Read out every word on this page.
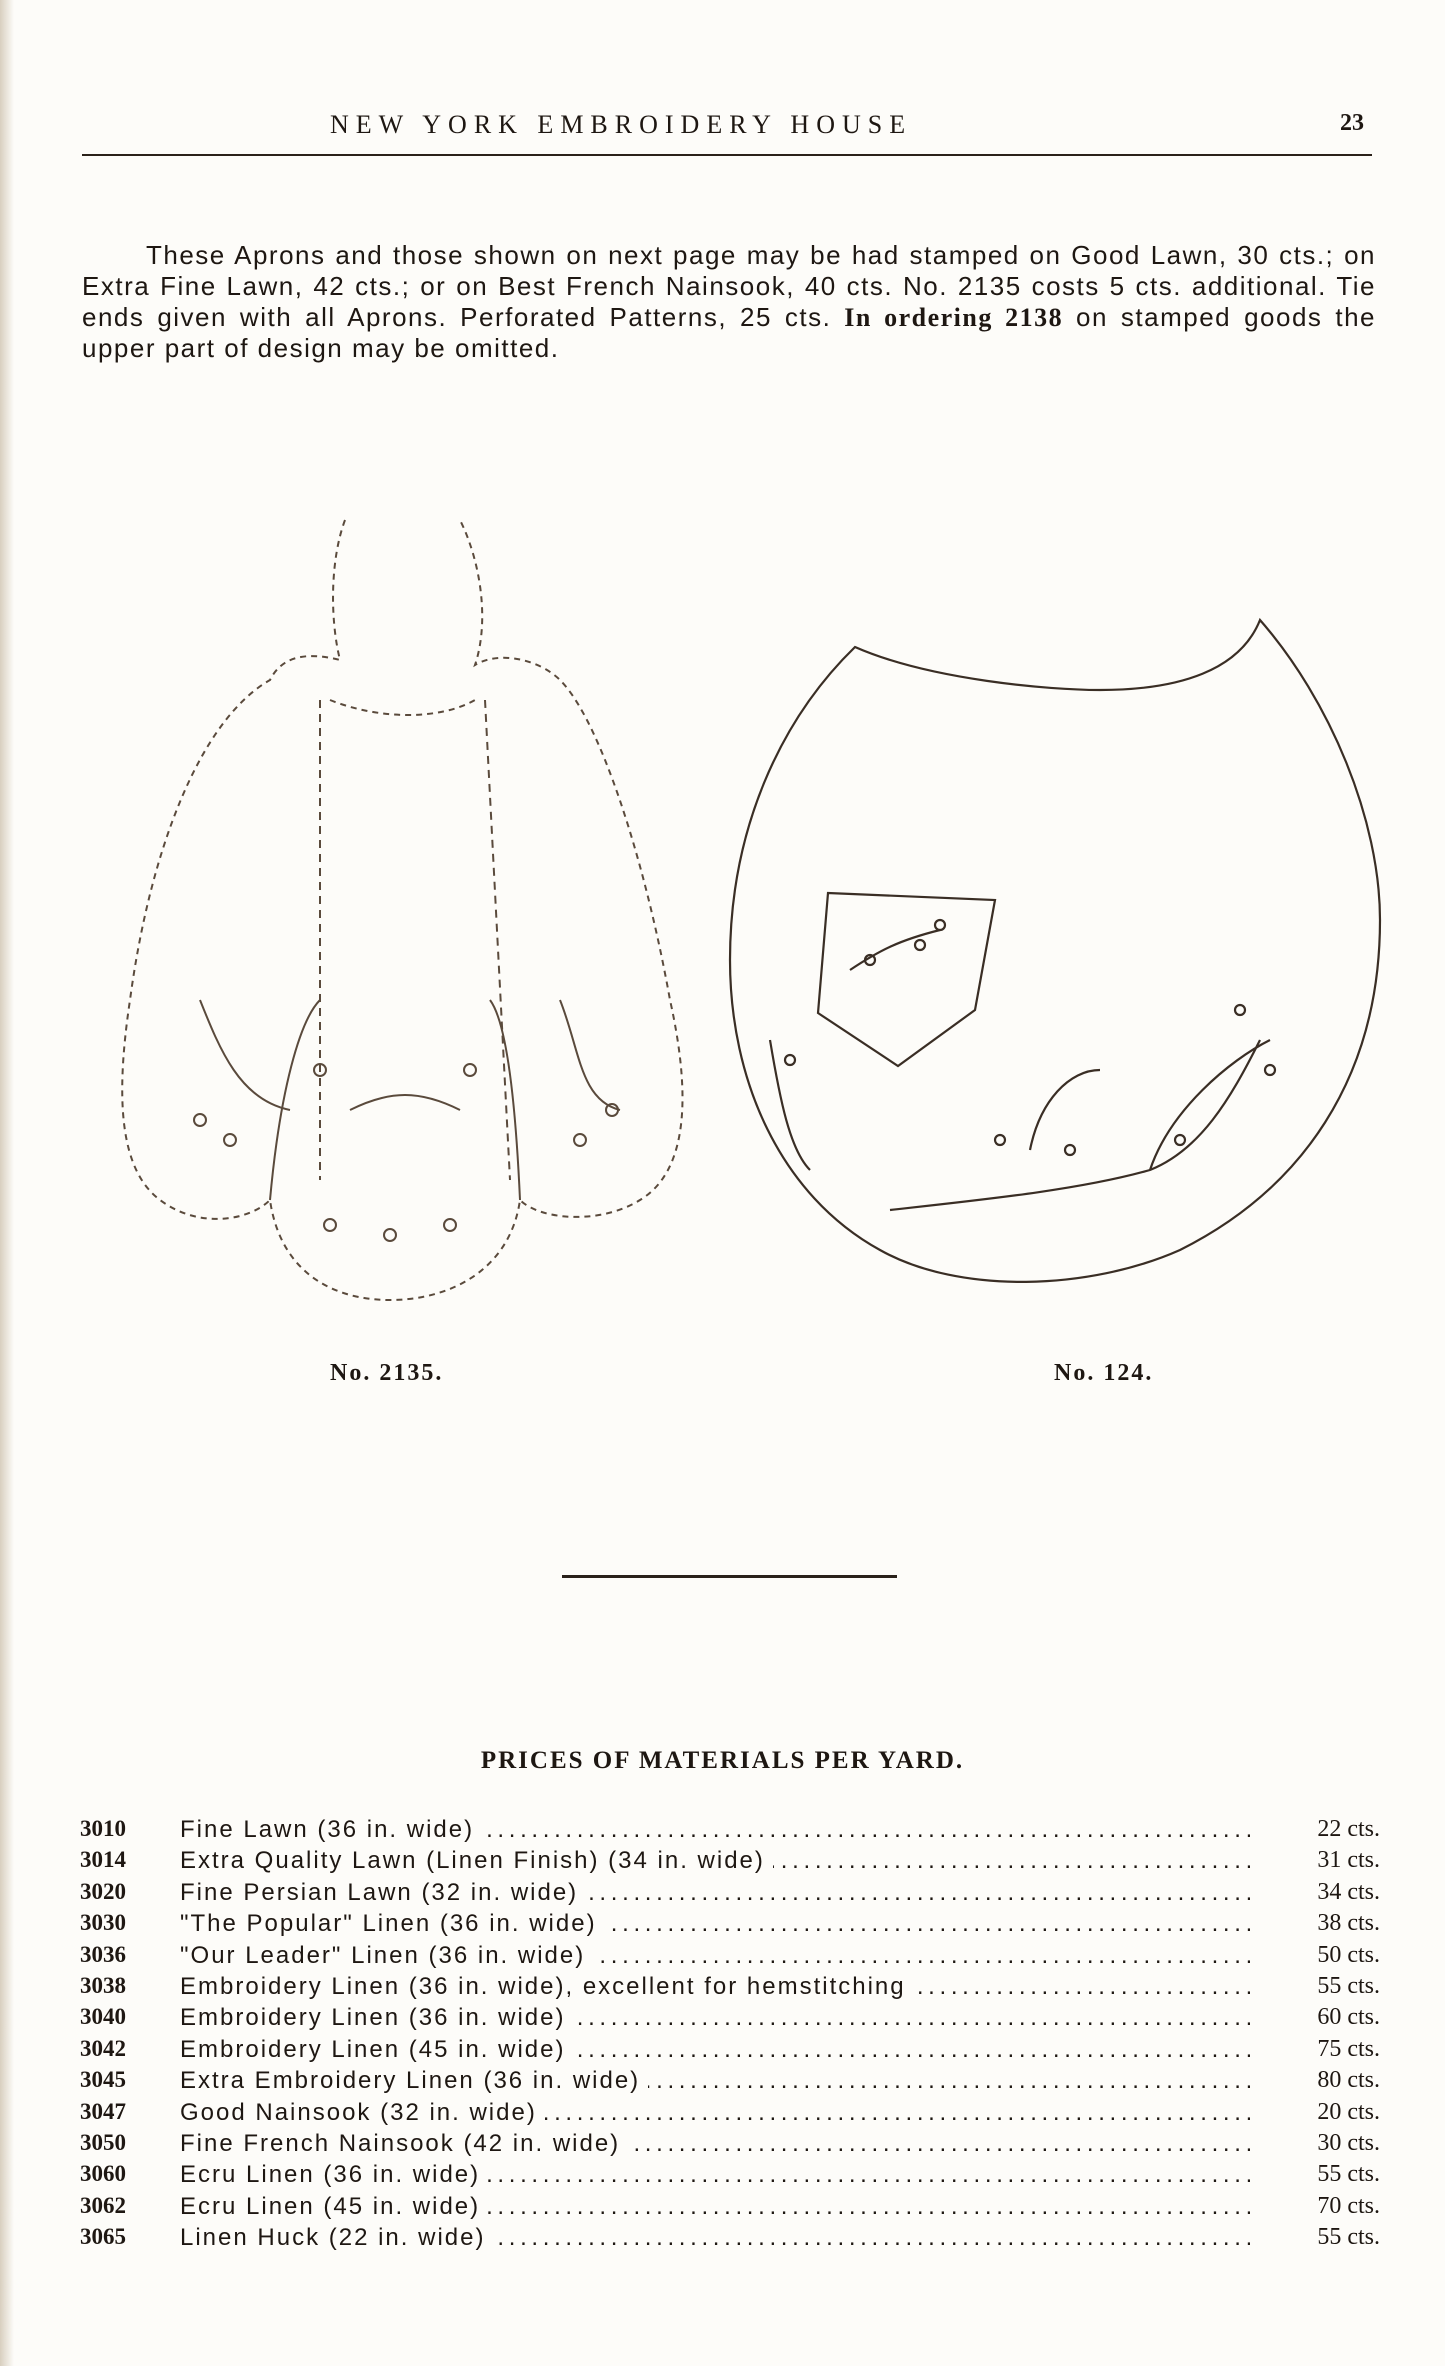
NEW YORK EMBROIDERY HOUSE	23

These Aprons and those shown on next page may be had stamped on Good Lawn, 30 cts.; on Extra Fine Lawn, 42 cts.; or on Best French Nainsook, 40 cts. No. 2135 costs 5 cts. additional. Tie ends given with all Aprons. Perforated Patterns, 25 cts. In ordering 2138 on stamped goods the upper part of design may be omitted.

No. 2135.	No. 124.
PRICES OF MATERIALS PER YARD.
3010 Fine Lawn (36 in. wide) . . .	22 cts.
3014 Extra Quality Lawn (Linen Finish) (34 in. wide) . . .	31 cts.
3020 Fine Persian Lawn (32 in. wide) . . .	34 cts.
3030 "The Popular" Linen (36 in. wide) . . .	38 cts.
3036 "Our Leader" Linen (36 in. wide) . . .	50 cts.
3038 Embroidery Linen (36 in. wide), excellent for hemstitching . . .	55 cts.
3040 Embroidery Linen (36 in. wide) . . .	60 cts.
3042 Embroidery Linen (45 in. wide) . . .	75 cts.
3045 Extra Embroidery Linen (36 in. wide) . . .	80 cts.
3047 Good Nainsook (32 in. wide) . . .	20 cts.
3050 Fine French Nainsook (42 in. wide) . . .	30 cts.
3060 Ecru Linen (36 in. wide) . . .	55 cts.
3062 Ecru Linen (45 in. wide) . . .	70 cts.
3065 Linen Huck (22 in. wide) . . .	55 cts.
